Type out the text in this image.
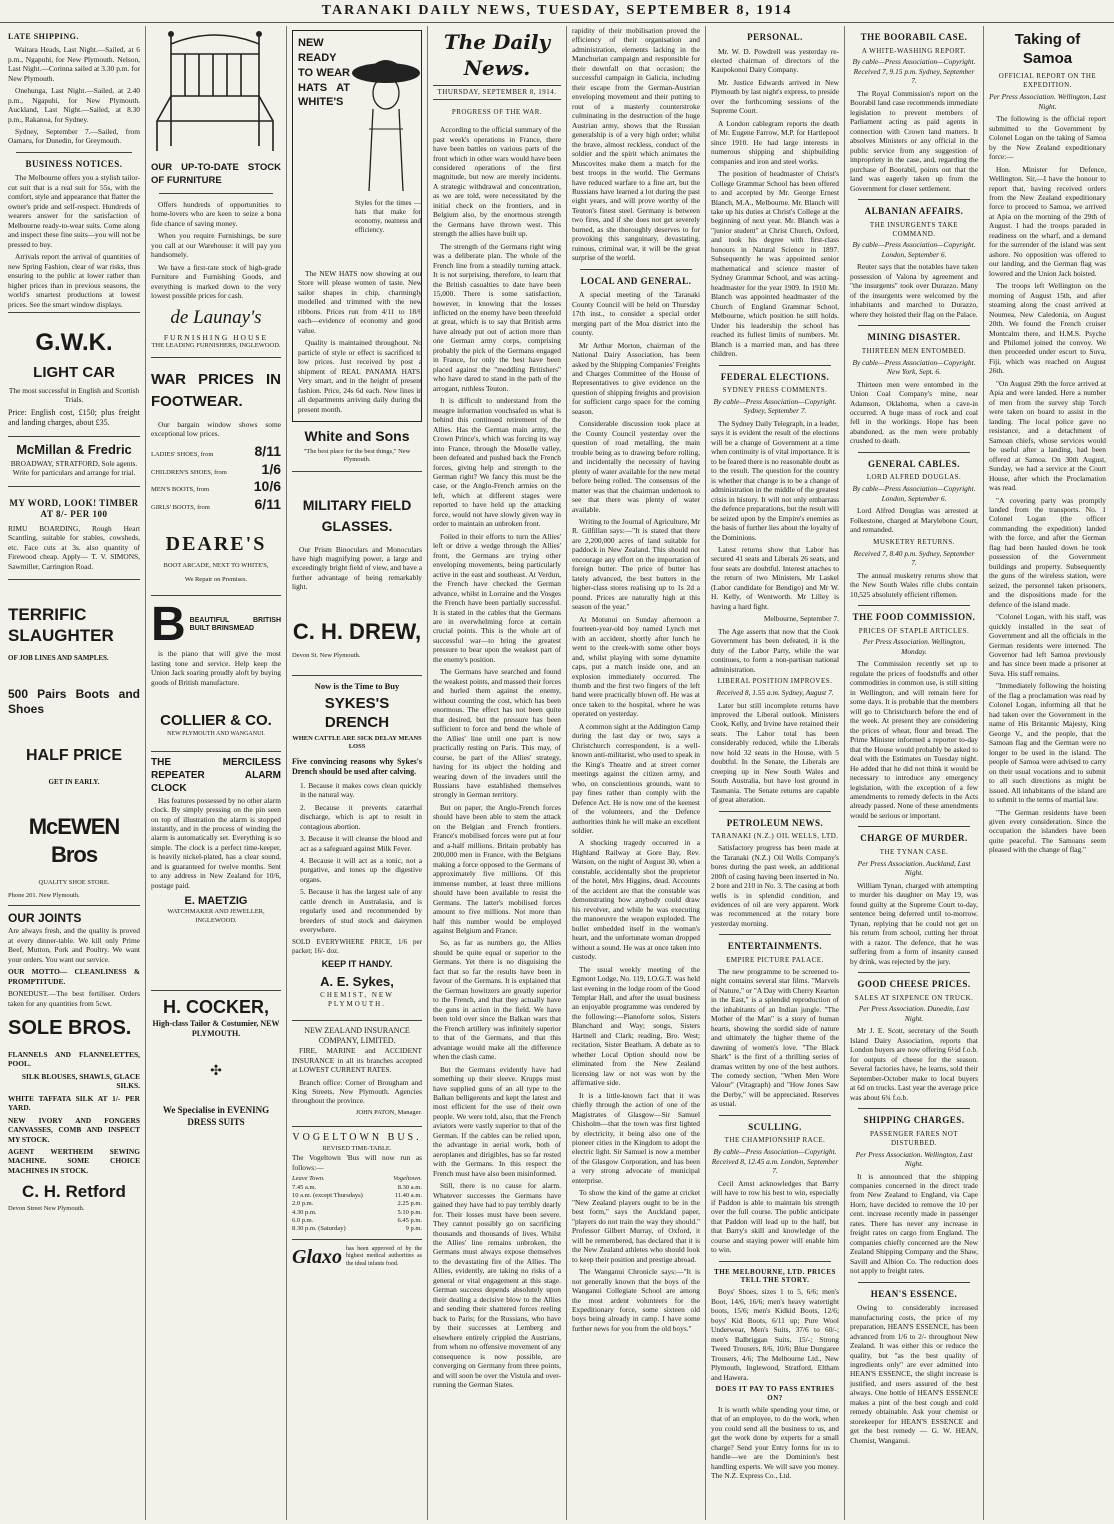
TARANAKI DAILY NEWS, TUESDAY, SEPTEMBER 8, 1914
LATE SHIPPING.

Waitara Heads, Last Night.—Sailed, at 6 p.m., Ngapuhi, for New Plymouth. Nelson, Last Night.—Corinna sailed at 3.30 p.m. for New Plymouth.

Onehunga, Last Night.—Sailed, at 2.40 p.m., Ngapuhi, for New Plymouth. Auckland, Last Night.—Sailed, at 8.30 p.m., Rakanoa, for Sydney.

Sydney, September 7.—Sailed, from Oamaru, for Dunedin, for Greymouth.

BUSINESS NOTICES.

The Melbourne offers you a stylish tailor-cut suit that is a real suit for 55s, with the comfort, style and appearance that flatter the owner's pride and self-respect. Hundreds of wearers answer for the satisfaction of Melbourne ready-to-wear suits. Come along and inspect these fine suits—you will not be pressed to buy.

Arrivals report the arrival of quantities of new Spring Fashion, clear of war risks, thus ensuring to the public at lower rather than higher prices than in previous seasons, the world's smartest productions at lowest prices. See the smart window displays.

G.W.K.
LIGHT CAR

The most successful in English and Scottish Trials.

Price: English cost, £150; plus freight and landing charges, about £35.

McMillan & Fredric

BROADWAY, STRATFORD, Sole agents. Write for particulars and arrange for trial.

MY WORD, LOOK! TIMBER AT 8/- PER 100

RIMU BOARDING, Rough Heart Scantling, suitable for stables, cowsheds, etc. Face cuts at 3s. also quantity of Firewood cheap. Apply— T. V. SIMONS, Sawmiller, Carrington Road.

TERRIFIC SLAUGHTER
OF JOB LINES AND SAMPLES.
500 Pairs Boots and Shoes
HALF PRICE
GET IN EARLY.
McEWEN Bros
QUALITY SHOE STORE.
Phone 201. New Plymouth.
OUR JOINTS

Are always fresh, and the quality is proved at every dinner-table. We kill only Prime Beef, Mutton, Pork and Poultry. We want your orders. You want our service.

OUR MOTTO— CLEANLINESS & PROMPTITUDE.

BONEDUST.—The best fertiliser. Orders taken for any quantities from 5cwt.

SOLE BROS.

FLANNELS AND FLANNELETTES, POOL.

SILK BLOUSES, SHAWLS, GLACE SILKS.

WHITE TAFFATA SILK AT 1/- PER YARD.

NEW IVORY AND FONGERS CANVASSES, COMB AND INSPECT MY STOCK.

AGENT WERTHEIM SEWING MACHINE. SOME CHOICE MACHINES IN STOCK.

C. H. Retford
Devon Street New Plymouth.
OUR UP-TO-DATE STOCK OF FURNITURE

Offers hundreds of opportunities to home-lovers who are keen to seize a bona fide chance of saving money.

When you require Furnishings, be sure you call at our Warehouse: it will pay you handsomely.

We have a first-rate stock of high-grade Furniture and Furnishing Goods, and everything is marked down to the very lowest possible prices for cash.

de Launay's
FURNISHING HOUSE
THE LEADING FURNISHERS, INGLEWOOD.
WAR PRICES IN FOOTWEAR.

Our bargain window shows some exceptional low prices.

LADIES' SHOES, from	8/11
CHILDREN'S SHOES, from 1/6
MEN'S BOOTS, from	10/6
GIRLS' BOOTS, from	6/11
DEARE'S
BOOT ARCADE, NEXT TO WHITE'S,
We Repair on Premises.
B BEAUTIFUL BRITISH BUILT BRINSMEAD

is the piano that will give the most lasting tone and service. Help keep the Union Jack soaring proudly aloft by buying goods of British manufacture.

COLLIER & CO.
NEW PLYMOUTH AND WANGANUI.
THE MERCILESS REPEATER ALARM CLOCK

Has features possessed by no other alarm clock. By simply pressing on the pin seen on top of illustration the alarm is stopped instantly, and in the process of winding the alarm is automatically set. Everything is so simple. The clock is a perfect time-keeper, is heavily nickel-plated, has a clear sound, and is guaranteed for twelve months. Sent to any address in New Zealand for 10/6, postage paid.

E. MAETZIG
WATCHMAKER AND JEWELLER, INGLEWOOD.
H. COCKER,
High-class Tailor & Costumier, NEW PLYMOUTH.
✣
We Specialise in EVENING DRESS SUITS
NEW READY TO WEAR HATS AT WHITE'S

Styles for the times — hats that make for economy, neatness and efficiency.

The NEW HATS now showing at our Store will please women of taste. New sailor shapes in chip, charmingly modelled and trimmed with the new ribbons. Prices run from 4/11 to 18/6 each—evidence of economy and good value.

Quality is maintained throughout. No particle of style or effect is sacrificed to low prices. Just received by post a shipment of REAL PANAMA HATS. Very smart, and in the height of present fashion. Price, 24s 6d each. New lines in all departments arriving daily during the present month.

White and Sons
"The best place for the best things," New Plymouth.
MILITARY FIELD GLASSES.

Our Prism Binoculars and Monoculars have high magnifying power, a large and exceedingly bright field of view, and have a further advantage of being remarkably light.

C. H. DREW,
Devon St. New Plymouth.
Now is the Time to Buy
SYKES'S DRENCH
WHEN CATTLE ARE SICK DELAY MEANS LOSS

Five convincing reasons why Sykes's Drench should be used after calving.

1. Because it makes cows clean quickly in the natural way.

2. Because it prevents catarrhal discharge, which is apt to result in contagious abortion.

3. Because it will cleanse the blood and act as a safeguard against Milk Fever.

4. Because it will act as a tonic, not a purgative, and tones up the digestive organs.

5. Because it has the largest sale of any cattle drench in Australasia, and is regularly used and recommended by breeders of stud stock and dairymen everywhere.

SOLD EVERYWHERE PRICE, 1/6 per packet; 16/- doz.

KEEP IT HANDY.
A. E. Sykes,
CHEMIST, NEW PLYMOUTH.
NEW ZEALAND INSURANCE COMPANY, LIMITED.

FIRE, MARINE and ACCIDENT INSURANCE in all its branches accepted at LOWEST CURRENT RATES.

Branch office: Corner of Brougham and King Streets, New Plymouth. Agencies throughout the province.

JOHN PATON, Manager.
VOGELTOWN BUS.
REVISED TIME-TABLE.

The Vogeltown 'Bus will now run as follows:—

Leave Town.	Vogeltown.
7.45 a.m.	8.30 a.m.
10 a.m. (except Thursdays)	11.40 a.m.
2.0 p.m.	2.25 p.m.
4.30 p.m.	5.10 p.m.
6.0 p.m.	6.45 p.m.
8.30 p.m. (Saturday)	9 p.m.
Glaxo has been approved of by the highest medical authorities as the ideal infants food.
The Daily News.
THURSDAY, SEPTEMBER 8, 1914.
PROGRESS OF THE WAR.

According to the official summary of the past week's operations in France, there have been battles on various parts of the front which in other wars would have been considered operations of the first magnitude, but now are merely incidents. A strategic withdrawal and concentration, as we are told, were necessitated by the initial check on the frontiers, and in Belgium also, by the enormous strength the Germans have thrown west. This strength the allies have built up.

The strength of the Germans right wing was a deliberate plan. The whole of the French line from a steadily turning attack. It is not surprising, therefore, to learn that the British casualties to date have been 15,000. There is some satisfaction, however, in knowing that the losses inflicted on the enemy have been threefold at great, which is to say that British arms have already put out of action more than one German army corps, comprising probably the pick of the Germans engaged in France, for only the best have been placed against the "meddling Britishers" who have dared to stand in the path of the arrogant, ruthless Teuton.

It is difficult to understand from the meagre information vouchsafed us what is behind this continued retirement of the Allies. Has the German main army, the Crown Prince's, which was forcing its way into France, through the Moselle valley, been defeated and pushed back the French forces, giving help and strength to the German right? We fancy this must be the case, or the Anglo-French armies on the left, which at different stages were reported to have held up the attacking force, would not have slowly given way in order to maintain an unbroken front.

Foiled in their efforts to turn the Allies' left or drive a wedge through the Allies' front, the Germans are trying other enveloping movements, being particularly active in the east and southeast. At Verdun, the French have checked the German advance, whilst in Lorraine and the Vosges the French have been partially successful. It is stated in the cables that the Germans are in overwhelming force at certain crucial points. This is the whole art of successful war—to bring the greatest pressure to bear upon the weakest part of the enemy's position.

The Germans have searched and found the weakest points, and massed their forces and hurled them against the enemy, without counting the cost, which has been enormous. The effect has not been quite that desired, but the pressure has been sufficient to force and bend the whole of the Allies' line until one part is now practically resting on Paris. This may, of course, be part of the Allies' strategy, having for its object the holding and wearing down of the invaders until the Russians have established themselves strongly in German territory.

But on paper, the Anglo-French forces should have been able to stem the attack on the Belgian and French frontiers. France's mobilised forces were put at four and a-half millions. Britain probably has 200,000 men in France, with the Belgians making a force opposed to the Germans of approximately five millions. Of this immense number, at least three millions should have been available to resist the Germans. The latter's mobilised forces amount to five millions. Not more than half this number would be employed against Belgium and France.

So, as far as numbers go, the Allies should be quite equal or superior to the Germans. Yet there is no disguising the fact that so far the results have been in favour of the Germans. It is explained that the German howitzers are greatly superior to the French, and that they actually have the guns in action in the field. We have been told over since the Balkan wars that the French artillery was infinitely superior to that of the Germans, and that this advantage would make all the difference when the clash came.

But the Germans evidently have had something up their sleeve. Krupps must have supplied guns of an all type to the Balkan belligerents and kept the latest and most efficient for the use of their own people. We were told, also, that the French aviators were vastly superior to that of the German. If the cables can be relied upon, the advantage in aerial work, both of aeroplanes and dirigibles, has so far rested with the Germans. In this respect the French must have also been misinformed.

Still, there is no cause for alarm. Whatever successes the Germans have gained they have had to pay terribly dearly for. Their losses must have been severe. They cannot possibly go on sacrificing thousands and thousands of lives. Whilst the Allies' line remains unbroken, the Germans must always expose themselves to the devastating fire of the Allies. The Allies, evidently, are taking no risks of a general or vital engagement at this stage. German success depends absolutely upon their dealing a decisive blow to the Allies and sending their shattered forces reeling back to Paris; for the Russians, who have by their successes at Lemberg and elsewhere entirely crippled the Austrians, from whom no offensive movement of any consequence is now possible, are converging on Germany from three points, and will soon be over the Vistula and over-running the German States.

rapidity of their mobilisation proved the efficiency of their organisation and administration, elements lacking in the Manchurian campaign and responsible for their downfall on that occasion; the successful campaign in Galicia, including their escape from the German-Austrian enveloping movement and their putting to rout of a masterly counterstroke culminating in the destruction of the huge Austrian army, shows that the Russian generalship is of a very high order; whilst the brave, almost reckless, conduct of the soldier and the spirit which animates the Muscovites make them a match for the best troops in the world. The Germans have reduced warfare to a fine art, but the Russians have learned a lot during the past eight years, and will prove worthy of the Teuton's finest steel. Germany is between two fires, and if she does not get severely burned, as she thoroughly deserves to for provoking this sanguinary, devastating, ruinous, criminal war, it will be the great surprise of the world.

LOCAL AND GENERAL.

A special meeting of the Taranaki County Council will be held on Thursday 17th inst., to consider a special order merging part of the Moa district into the county.

Mr Arthur Morton, chairman of the National Dairy Association, has been asked by the Shipping Companies' Freights and Charges Committee of the House of Representatives to give evidence on the question of shipping freights and provision for sufficient cargo space for the coming season.

Considerable discussion took place at the County Council yesterday over the question of road metalling, the main trouble being as to drawing before rolling, and incidentally the necessity of having plenty of water available for the new metal before being rolled. The consensus of the matter was that the chairman undertook to see that there was plenty of water available.

Writing to the Journal of Agriculture, Mr R. Gilfillan says:—"It is stated that there are 2,200,000 acres of land suitable for paddock in New Zealand. This should not encourage any effort on the importation of foreign butter. The price of butter has lately advanced, the best butters in the higher-class stores realising up to 1s 2d a pound. Prices are naturally high at this season of the year."

At Motunui on Sunday afternoon a fourteen-year-old boy named Lynch met with an accident, shortly after lunch he went to the creek-with some other boys and, whilst playing with some dynamite caps, put a match inside one, and an explosion immediately occurred. The thumb and the first two fingers of the left hand were practically blown off. He was at once taken to the hospital, where he was operated on yesterday.

A common sight at the Addington Camp during the last day or two, says a Christchurch correspondent, is a well-known anti-militarist, who used to speak in the King's Theatre and at street corner meetings against the citizen army, and who, on conscientious grounds, want to pay fines rather than comply with the Defence Act. He is now one of the keenest of the volunteers, and the Defence authorities think he will make an excellent soldier.

A shocking tragedy occurred in a Highland Railway at Gore Bay, Rev. Watson, on the night of August 30, when a constable, accidentally shot the proprietor of the hotel, Mrs Higgins, dead. Accounts of the accident are that the constable was demonstrating how anybody could draw his revolver, and while he was executing the manoeuvre the weapon exploded. The bullet embedded itself in the woman's heart, and the unfortunate woman dropped without a sound. He was at once taken into custody.

The usual weekly meeting of the Egmont Lodge, No. 119, I.O.G.T. was held last evening in the lodge room of the Good Templar Hall, and after the usual business an enjoyable programme was rendered by the following:—Pianoforte solos, Sisters Blanchard and Way; songs, Sisters Hartnell and Clark; reading, Bro. West; recitation, Sister Beatham. A debate as to whether Local Option should now be eliminated from the New Zealand licensing law or not was won by the affirmative side.

It is a little-known fact that it was chiefly through the action of one of the Magistrates of Glasgow—Sir Samuel Chisholm—that the town was first lighted by electricity, it being also one of the pioneer cities in the Kingdom to adopt the electric light. Sir Samuel is now a member of the Glasgow Corporation, and has been a very strong advocate of municipal enterprise.

To show the kind of the game at cricket "New Zealand players ought to be in the best form," says the Auckland paper, "players do not train the way they should." Professor Gilbert Murray, of Oxford, it will be remembered, has declared that it is the New Zealand athletes who should look to keep their position and prestige abroad.

The Wanganui Chronicle says:—"It is not generally known that the boys of the Wanganui Collegiate School are among the most ardent volunteers for the Expeditionary force, some sixteen old boys being already in camp. I have some further news for you from the old boys."

PERSONAL.

Mr. W. D. Powdrell was yesterday re-elected chairman of directors of the Kaupokonui Dairy Company.

Mr. Justice Edwards arrived in New Plymouth by last night's express, to preside over the forthcoming sessions of the Supreme Court.

A London cablegram reports the death of Mr. Eugene Farrow, M.P. for Hartlepool since 1910. He had large interests in numerous shipping and shipbuilding companies and iron and steel works.

The position of headmaster of Christ's College Grammar School has been offered to and accepted by Mr. George Ernest Blanch, M.A., Melbourne. Mr. Blanch will take up his duties at Christ's College at the beginning of next year. Mr. Blanch was a "junior student" at Christ Church, Oxford, and took his degree with first-class honours in Natural Science in 1897. Subsequently he was appointed senior mathematical and science master of Sydney Grammar School, and was acting-headmaster for the year 1909. In 1910 Mr. Blanch was appointed headmaster of the Church of England Grammar School, Melbourne, which position he still holds. Under his leadership the school has reached its fullest limits of numbers. Mr. Blanch is a married man, and has three children.

FEDERAL ELECTIONS.
SYDNEY PRESS COMMENTS.

By cable—Press Association—Copyright. Sydney, September 7.

The Sydney Daily Telegraph, in a leader, says it is evident the result of the elections will be a change of Government at a time when continuity is of vital importance. It is to be feared there is no reasonable doubt as to the result. The question for the country is whether that change is to be a change of administration in the middle of the greatest crisis in history. It will not only embarrass the defence preparations, but the result will be seized upon by the Empire's enemies as the basis of further lies about the loyalty of the Dominions.

Latest returns show that Labor has secured 41 seats and Liberals 26 seats, and four seats are doubtful. Interest attaches to the return of two Ministers, Mr Laskel (Labor candidate for Bendigo) and Mr W. H. Kelly, of Wentworth. Mr Lilley is having a hard fight.

Melbourne, September 7.

The Age asserts that now that the Cook Government has been defeated, it is the duty of the Labor Party, while the war continues, to form a non-partisan national administration.

LIBERAL POSITION IMPROVES.

Received 8, 1.55 a.m. Sydney, August 7.

Later but still incomplete returns have improved the Liberal outlook. Ministers Cook, Kelly, and Irvine have retained their seats. The Labor total has been considerably reduced, while the Liberals now hold 32 seats in the House, with 5 doubtful. In the Senate, the Liberals are creeping up in New South Wales and South Australia, but have lost ground in Tasmania. The Senate returns are capable of great alteration.

PETROLEUM NEWS.
TARANAKI (N.Z.) OIL WELLS, LTD.

Satisfactory progress has been made at the Taranaki (N.Z.) Oil Wells Company's bores during the past week, an additional 200ft of casing having been inserted in No. 2 bore and 210 in No. 3. The casing at both wells is in splendid condition, and evidences of oil are very apparent. Work was recommenced at the rotary bore yesterday morning.

ENTERTAINMENTS.
EMPIRE PICTURE PALACE.

The new programme to be screened to-night contains several star films. "Marvels of Nature," or "A Day with Cherry Kearton in the East," is a splendid reproduction of the inhabitants of an Indian jungle. "The Mother of the Man" is a story of human hearts, showing the sordid side of nature and ultimately the higher theme of the dawning of women's love. "The Black Shark" is the first of a thrilling series of dramas written by one of the best authors. The comedy section, "When Men Wore Valour" (Vitagraph) and "How Jones Saw the Derby," will be appreciated. Reserves as usual.

SCULLING.
THE CHAMPIONSHIP RACE.

By cable—Press Association—Copyright. Received 8, 12.45 a.m. London, September 7.

Cecil Arnst acknowledges that Barry will have to row his best to win, especially if Paddon is able to maintain his strength over the full course. The public anticipate that Paddon will lead up to the half, but that Barry's skill and knowledge of the course and staying power will enable him to win.

THE MELBOURNE, LTD. PRICES TELL THE STORY.

Boys' Shoes, sizes 1 to 5, 6/6; men's Boot, 14/6, 16/6; men's heavy watertight boots, 15/6; men's Kidkid Boots, 12/6; boys' Kid Boots, 6/11 up; Pure Wool Underwear, Men's Suits, 37/6 to 60/-; men's Balbriggan Suits, 15/-; Strong Tweed Trousers, 8/6, 10/6; Blue Dungaree Trousers, 4/6; The Melbourne Ltd., New Plymouth, Inglewood, Stratford, Eltham and Hawera.

DOES IT PAY TO PASS ENTRIES ON?

It is worth while spending your time, or that of an employee, to do the work, when you could send all the business to us, and get the work done by experts for a small charge? Send your Entry forms for us to handle—we are the Dominion's best handling experts. We will save you money. The N.Z. Express Co., Ltd.

THE BOORABIL CASE.
A WHITE-WASHING REPORT.

By cable—Press Association—Copyright. Received 7, 9.15 p.m. Sydney, September 7.

The Royal Commission's report on the Boorabil land case recommends immediate legislation to prevent members of Parliament acting as paid agents in connection with Crown land matters. It absolves Ministers or any official in the public service from any suggestion of impropriety in the case, and, regarding the purchase of Boorabil, points out that the land was eagerly taken up from the Government for closer settlement.

ALBANIAN AFFAIRS.
THE INSURGENTS TAKE COMMAND.

By cable—Press Association—Copyright. London, September 6.

Reuter says that the notables have taken possession of Valona by agreement and "the insurgents" took over Durazzo. Many of the insurgents were welcomed by the inhabitants and marched to Durazzo, where they hoisted their flag on the Palace.

MINING DISASTER.
THIRTEEN MEN ENTOMBED.

By cable—Press Association—Copyright. New York, Sept. 6.

Thirteen men were entombed in the Union Coal Company's mine, near Adamson, Oklahoma, when a cave-in occurred. A huge mass of rock and coal fell in the workings. Hope has been abandoned, as the men were probably crushed to death.

GENERAL CABLES.
LORD ALFRED DOUGLAS.

By cable—Press Association—Copyright. London, September 6.

Lord Alfred Douglas was arrested at Folkestone, charged at Marylebone Court, and remanded.

MUSKETRY RETURNS.

Received 7, 8.40 p.m. Sydney, September 7.

The annual musketry returns show that the New South Wales rifle clubs contain 10,525 absolutely efficient riflemen.

THE FOOD COMMISSION.
PRICES OF STAPLE ARTICLES.

Per Press Association. Wellington, Monday.

The Commission recently set up to regulate the prices of foodstuffs and other commodities in common use, is still sitting in Wellington, and will remain here for some days. It is probable that the members will go to Christchurch before the end of the week. At present they are considering the prices of wheat, flour and bread. The Prime Minister informed a reporter to-day that the House would probably be asked to deal with the Estimates on Tuesday night. He added that he did not think it would be necessary to introduce any emergency legislation, with the exception of a few amendments to remedy defects in the Acts already passed. None of these amendments would be serious or important.

CHARGE OF MURDER.
THE TYNAN CASE.

Per Press Association. Auckland, Last Night.

William Tynan, charged with attempting to murder his daughter on May 19, was found guilty at the Supreme Court to-day, sentence being deferred until to-morrow. Tynan, replying that he could not get on his return from school, cutting her throat with a razor. The defence, that he was suffering from a form of insanity caused by drink, was rejected by the jury.

GOOD CHEESE PRICES.
SALES AT SIXPENCE ON TRUCK.

Per Press Association. Dunedin, Last Night.

Mr J. E. Scott, secretary of the South Island Dairy Association, reports that London buyers are now offering 6½d f.o.b. for outputs of cheese for the season. Several factories have, he learns, sold their September-October make to local buyers at 6d on trucks. Last year the average price was about 6¾ f.o.b.

SHIPPING CHARGES.
PASSENGER FARES NOT DISTURBED.

Per Press Association. Wellington, Last Night.

It is announced that the shipping companies concerned in the direct trade from New Zealand to England, via Cape Horn, have decided to remove the 10 per cent. increase recently made in passenger rates. There has never any increase in freight rates on cargo from England. The companies chiefly concerned are the New Zealand Shipping Company and the Shaw, Savill and Albion Co. The reduction does not apply to freight rates.

HEAN'S ESSENCE.

Owing to considerably increased manufacturing costs, the price of my preparation, HEAN'S ESSENCE, has been advanced from 1/6 to 2/- throughout New Zealand. It was either this or reduce the quality, but "as the best quality of ingredients only" are ever admitted into HEAN'S ESSENCE, the slight increase is justified, and users assured of the best always. One bottle of HEAN'S ESSENCE makes a pint of the best cough and cold remedy obtainable. Ask your chemist or storekeeper for HEAN'S ESSENCE and get the best remedy — G. W. HEAN, Chemist, Wanganui.

Taking of Samoa
OFFICIAL REPORT ON THE EXPEDITION.

Per Press Association. Wellington, Last Night.

The following is the official report submitted to the Government by Colonel Logan on the taking of Samoa by the New Zealand expeditionary force:—

Hon. Minister for Defence, Wellington. Sir,—I have the honour to report that, having received orders from the New Zealand expeditionary force to proceed to Samoa, we arrived at Apia on the morning of the 29th of August. I had the troops paraded in readiness on the wharf, and a demand for the surrender of the island was sent ashore. No opposition was offered to our landing, and the German flag was lowered and the Union Jack hoisted.

The troops left Wellington on the morning of August 15th, and after steaming along the coast arrived at Noumea, New Caledonia, on August 20th. We found the French cruiser Montcalm there, and H.M.S. Psyche and Philomel joined the convoy. We then proceeded under escort to Suva, Fiji, which was reached on August 26th.

"On August 29th the force arrived at Apia and were landed. Here a number of men from the survey ship Torch were taken on board to assist in the landing. The local police gave no resistance, and a detachment of Samoan chiefs, whose services would be useful after a landing, had been offered at Samoa. On 30th August, Sunday, we had a service at the Court House, after which the Proclamation was read.

"A covering party was promptly landed from the transports. No. 1 Colonel Logan (the officer commanding the expedition) landed with the force, and after the German flag had been hauled down he took possession of the Government buildings and property. Subsequently the guns of the wireless station, were seized, the personnel taken prisoners, and the dispositions made for the defence of the island made.

"Colonel Logan, with his staff, was quickly installed in the seat of Government and all the officials in the German residents were interned. The Governor had left Samoa previously and has since been made a prisoner at Suva. His staff remains.

"Immediately following the hoisting of the flag a proclamation was read by Colonel Logan, informing all that he had taken over the Government in the name of His Britannic Majesty, King George V., and the people, that the Samoan flag and the German were no longer to be used in the island. The people of Samoa were advised to carry on their usual vocations and to submit to all such directions as might be issued. All inhabitants of the island are to submit to the terms of martial law.

"The German residents have been given every consideration. Since the occupation the islanders have been quite peaceful. The Samoans seem pleased with the change of flag."
